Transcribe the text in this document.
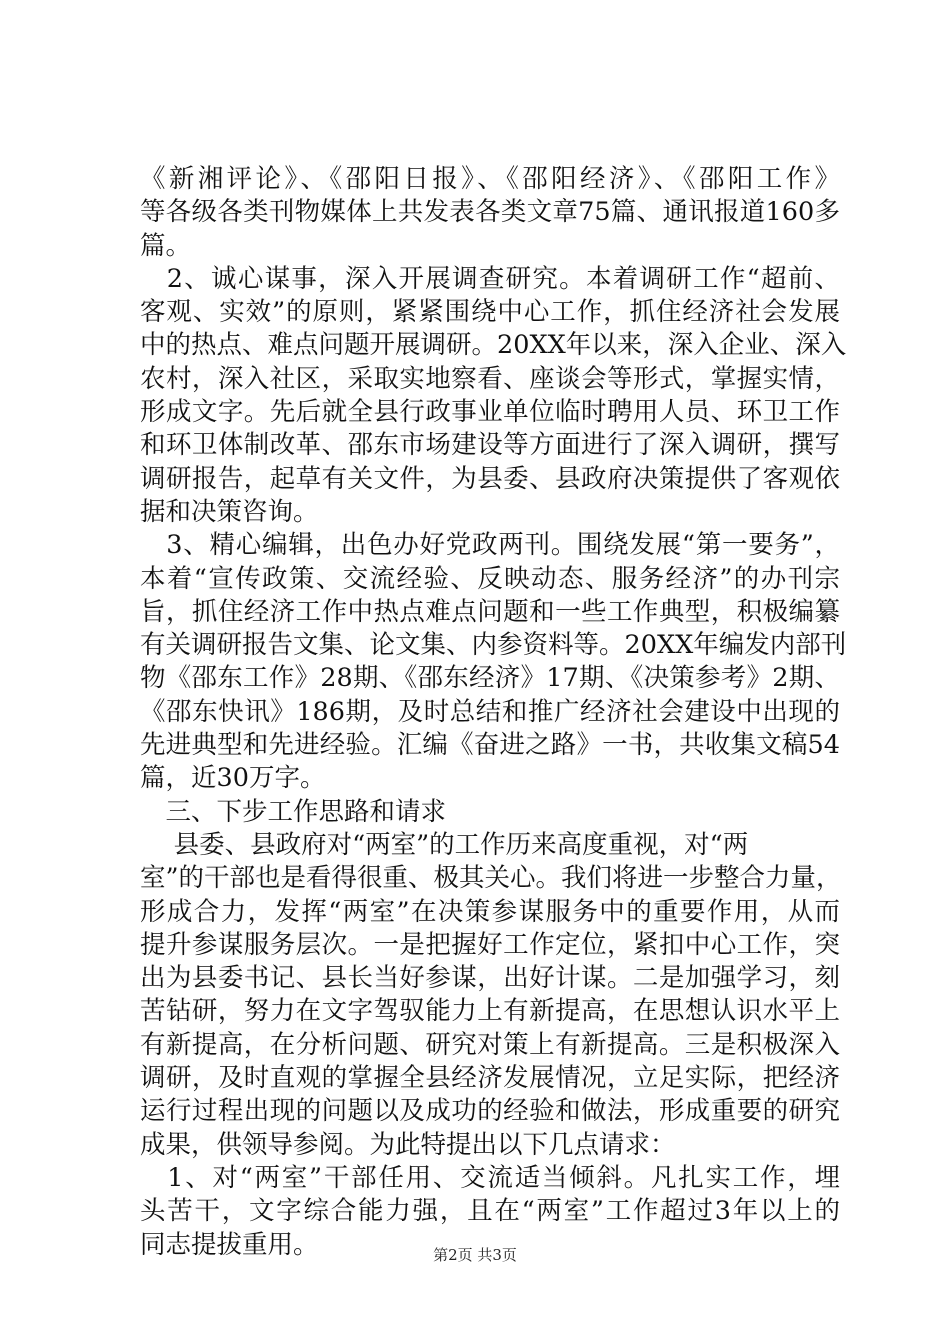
《新湘评论》、《邵阳日报》、《邵阳经济》、《邵阳工作》
等各级各类刊物媒体上共发表各类文章75篇、通讯报道160多
篇。
　2、诚心谋事，深入开展调查研究。本着调研工作“超前、
客观、实效”的原则，紧紧围绕中心工作，抓住经济社会发展
中的热点、难点问题开展调研。20XX年以来，深入企业、深入
农村，深入社区，采取实地察看、座谈会等形式，掌握实情，
形成文字。先后就全县行政事业单位临时聘用人员、环卫工作
和环卫体制改革、邵东市场建设等方面进行了深入调研，撰写
调研报告，起草有关文件，为县委、县政府决策提供了客观依
据和决策咨询。
　3、精心编辑，出色办好党政两刊。围绕发展“第一要务”，
本着“宣传政策、交流经验、反映动态、服务经济”的办刊宗
旨，抓住经济工作中热点难点问题和一些工作典型，积极编纂
有关调研报告文集、论文集、内参资料等。20XX年编发内部刊
物《邵东工作》28期、《邵东经济》17期、《决策参考》2期、
《邵东快讯》186期，及时总结和推广经济社会建设中出现的
先进典型和先进经验。汇编《奋进之路》一书，共收集文稿54
篇，近30万字。
　三、下步工作思路和请求
　 县委、县政府对“两室”的工作历来高度重视，对“两
室”的干部也是看得很重、极其关心。我们将进一步整合力量，
形成合力，发挥“两室”在决策参谋服务中的重要作用，从而
提升参谋服务层次。一是把握好工作定位，紧扣中心工作，突
出为县委书记、县长当好参谋，出好计谋。二是加强学习，刻
苦钻研，努力在文字驾驭能力上有新提高，在思想认识水平上
有新提高，在分析问题、研究对策上有新提高。三是积极深入
调研，及时直观的掌握全县经济发展情况，立足实际，把经济
运行过程出现的问题以及成功的经验和做法，形成重要的研究
成果，供领导参阅。为此特提出以下几点请求：
　1、对“两室”干部任用、交流适当倾斜。凡扎实工作，埋
头苦干，文字综合能力强，且在“两室”工作超过3年以上的
同志提拔重用。	第2页 共3页
